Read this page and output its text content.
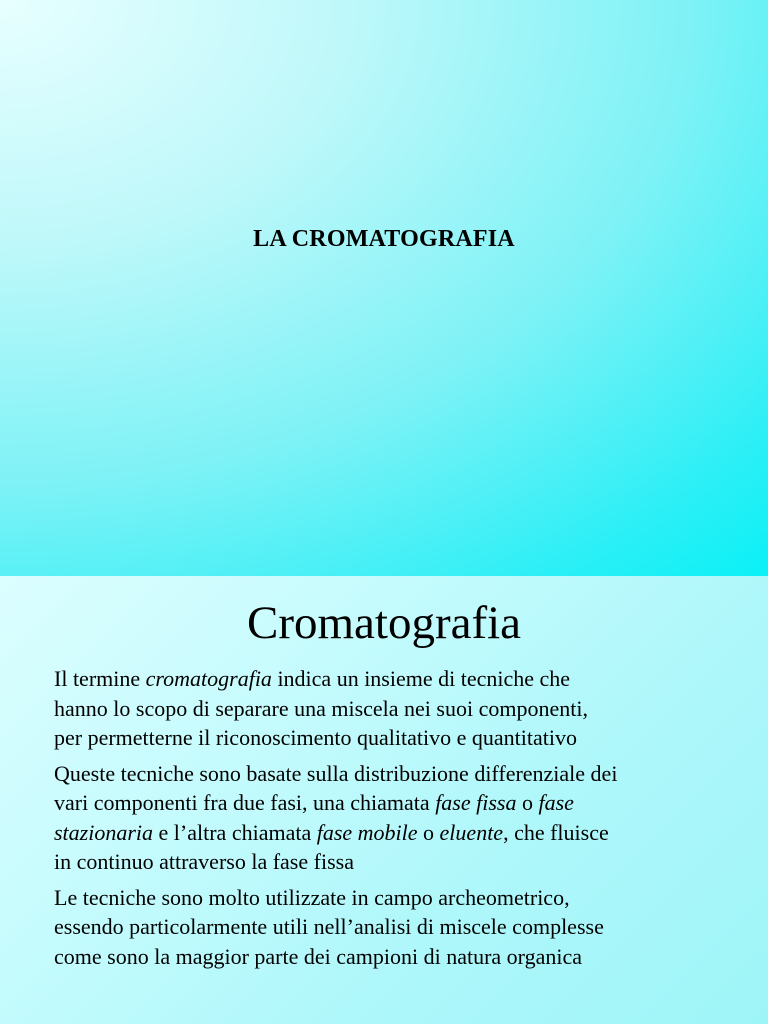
LA CROMATOGRAFIA
Cromatografia

Il termine cromatografia indica un insieme di tecniche che
hanno lo scopo di separare una miscela nei suoi componenti,
per permetterne il riconoscimento qualitativo e quantitativo

Queste tecniche sono basate sulla distribuzione differenziale dei
vari componenti fra due fasi, una chiamata fase fissa o fase
stazionaria e l’altra chiamata fase mobile o eluente, che fluisce
in continuo attraverso la fase fissa

Le tecniche sono molto utilizzate in campo archeometrico,
essendo particolarmente utili nell’analisi di miscele complesse
come sono la maggior parte dei campioni di natura organica
